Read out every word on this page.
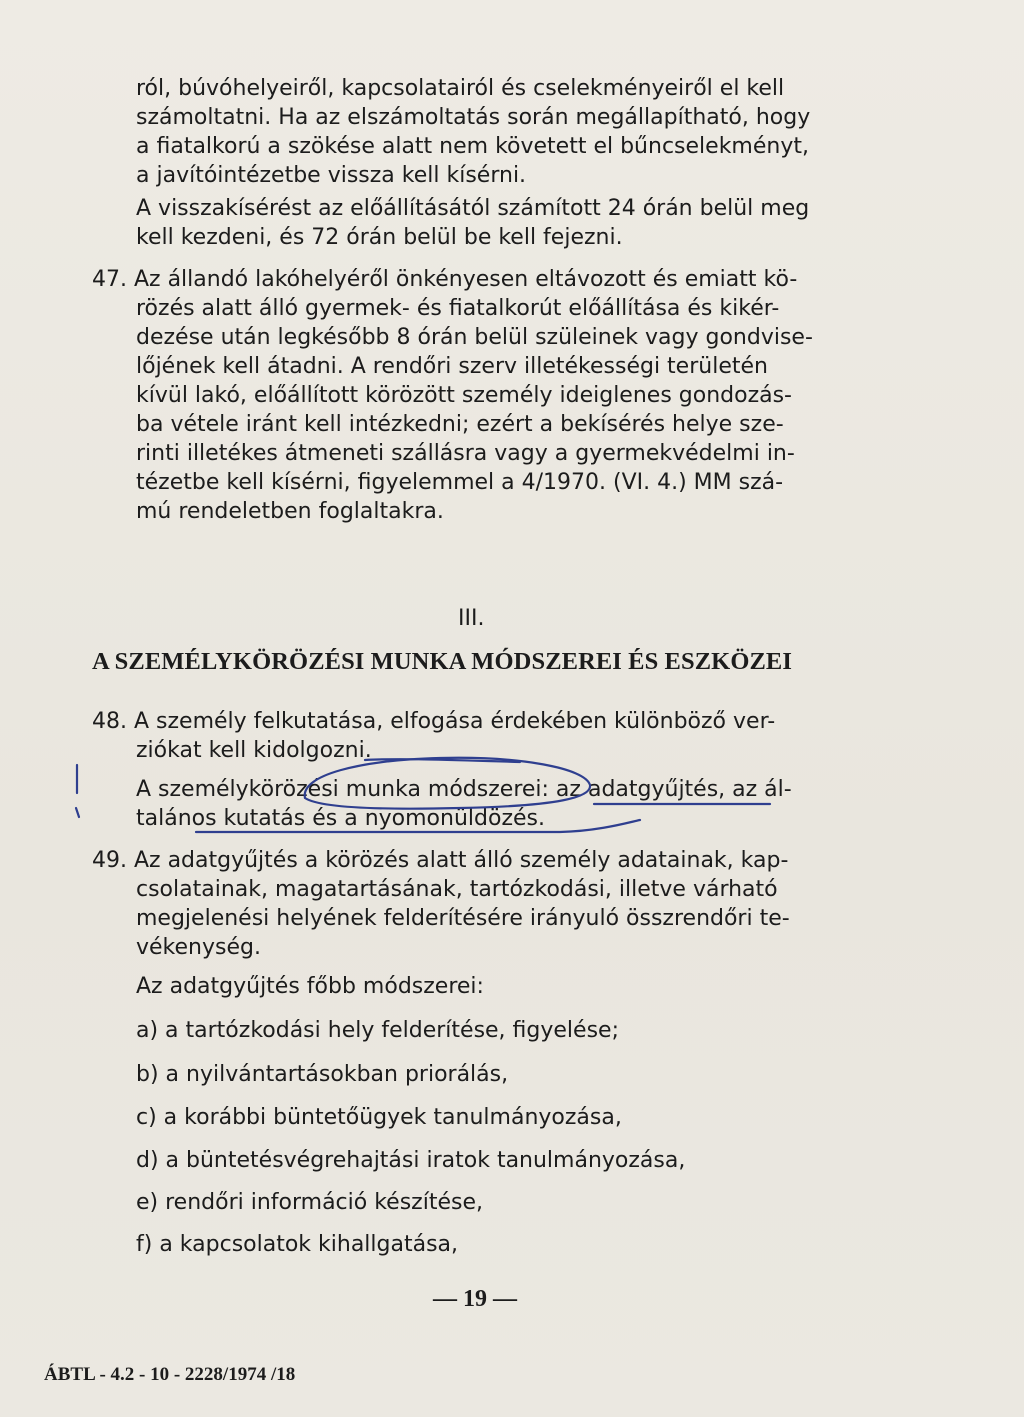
ról, búvóhelyeiről, kapcsolatairól és cselekményeiről el kell
számoltatni. Ha az elszámoltatás során megállapítható, hogy
a fiatalkorú a szökése alatt nem követett el bűncselekményt,
a javítóintézetbe vissza kell kísérni.
A visszakísérést az előállításától számított 24 órán belül meg
kell kezdeni, és 72 órán belül be kell fejezni.
47. Az állandó lakóhelyéről önkényesen eltávozott és emiatt kö-
rözés alatt álló gyermek- és fiatalkorút előállítása és kikér-
dezése után legkésőbb 8 órán belül szüleinek vagy gondvise-
lőjének kell átadni. A rendőri szerv illetékességi területén
kívül lakó, előállított körözött személy ideiglenes gondozás-
ba vétele iránt kell intézkedni; ezért a bekísérés helye sze-
rinti illetékes átmeneti szállásra vagy a gyermekvédelmi in-
tézetbe kell kísérni, figyelemmel a 4/1970. (VI. 4.) MM szá-
mú rendeletben foglaltakra.
III.
A SZEMÉLYKÖRÖZÉSI MUNKA MÓDSZEREI ÉS ESZKÖZEI
48. A személy felkutatása, elfogása érdekében különböző ver-
ziókat kell kidolgozni.
A személykörözési munka módszerei: az adatgyűjtés, az ál-
talános kutatás és a nyomonüldözés.
49. Az adatgyűjtés a körözés alatt álló személy adatainak, kap-
csolatainak, magatartásának, tartózkodási, illetve várható
megjelenési helyének felderítésére irányuló összrendőri te-
vékenység.
Az adatgyűjtés főbb módszerei:
a) a tartózkodási hely felderítése, figyelése;
b) a nyilvántartásokban priorálás,
c) a korábbi büntetőügyek tanulmányozása,
d) a büntetésvégrehajtási iratok tanulmányozása,
e) rendőri információ készítése,
f) a kapcsolatok kihallgatása,
— 19 —
ÁBTL - 4.2 - 10 - 2228/1974 /18
